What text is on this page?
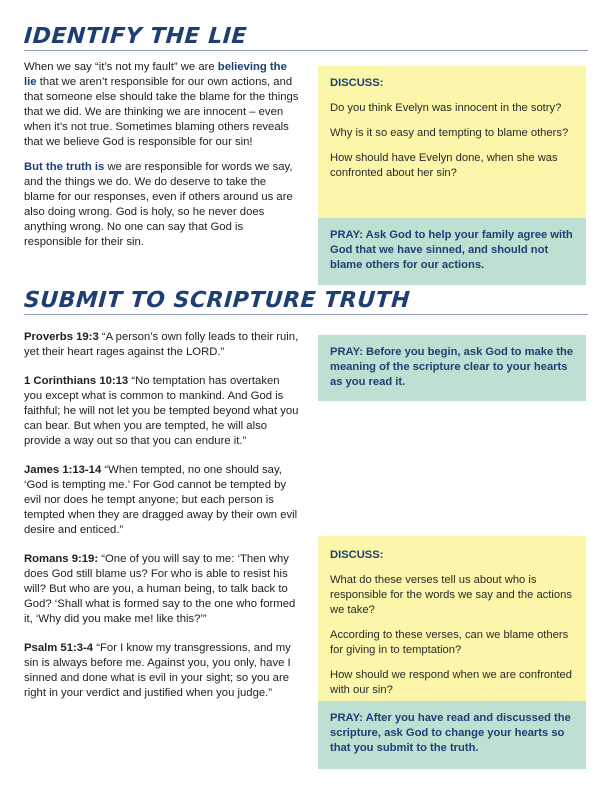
IDENTIFY THE LIE

When we say “it’s not my fault” we are believing the lie that we aren’t responsible for our own actions, and that someone else should take the blame for the things that we did. We are thinking we are innocent – even when it’s not true. Sometimes blaming others reveals that we believe God is responsible for our sin!

But the truth is we are responsible for words we say, and the things we do. We do deserve to take the blame for our responses, even if others around us are also doing wrong. God is holy, so he never does anything wrong. No one can say that God is responsible for their sin.

DISCUSS:

Do you think Evelyn was innocent in the sotry?

Why is it so easy and tempting to blame others?

How should have Evelyn done, when she was confronted about her sin?

PRAY: Ask God to help your family agree with God that we have sinned, and should not blame others for our actions.

SUBMIT TO SCRIPTURE TRUTH

Proverbs 19:3 “A person’s own folly leads to their ruin, yet their heart rages against the LORD.”

1 Corinthians 10:13 “No temptation has overtaken you except what is common to mankind. And God is faithful; he will not let you be tempted beyond what you can bear. But when you are tempted, he will also provide a way out so that you can endure it.”

James 1:13-14 “When tempted, no one should say, ‘God is tempting me.’ For God cannot be tempted by evil nor does he tempt anyone; but each person is tempted when they are dragged away by their own evil desire and enticed.”

Romans 9:19: “One of you will say to me: ‘Then why does God still blame us? For who is able to resist his will? But who are you, a human being, to talk back to God? ‘Shall what is formed say to the one who formed it, ‘Why did you make me! like this?’”

Psalm 51:3-4 “For I know my transgressions, and my sin is always before me. Against you, you only, have I sinned and done what is evil in your sight; so you are right in your verdict and justified when you judge.”

PRAY: Before you begin, ask God to make the meaning of the scripture clear to your hearts as you read it.

DISCUSS:

What do these verses tell us about who is responsible for the words we say and the actions we take?

According to these verses, can we blame others for giving in to temptation?

How should we respond when we are confronted with our sin?

PRAY: After you have read and discussed the scripture, ask God to change your hearts so that you submit to the truth.
